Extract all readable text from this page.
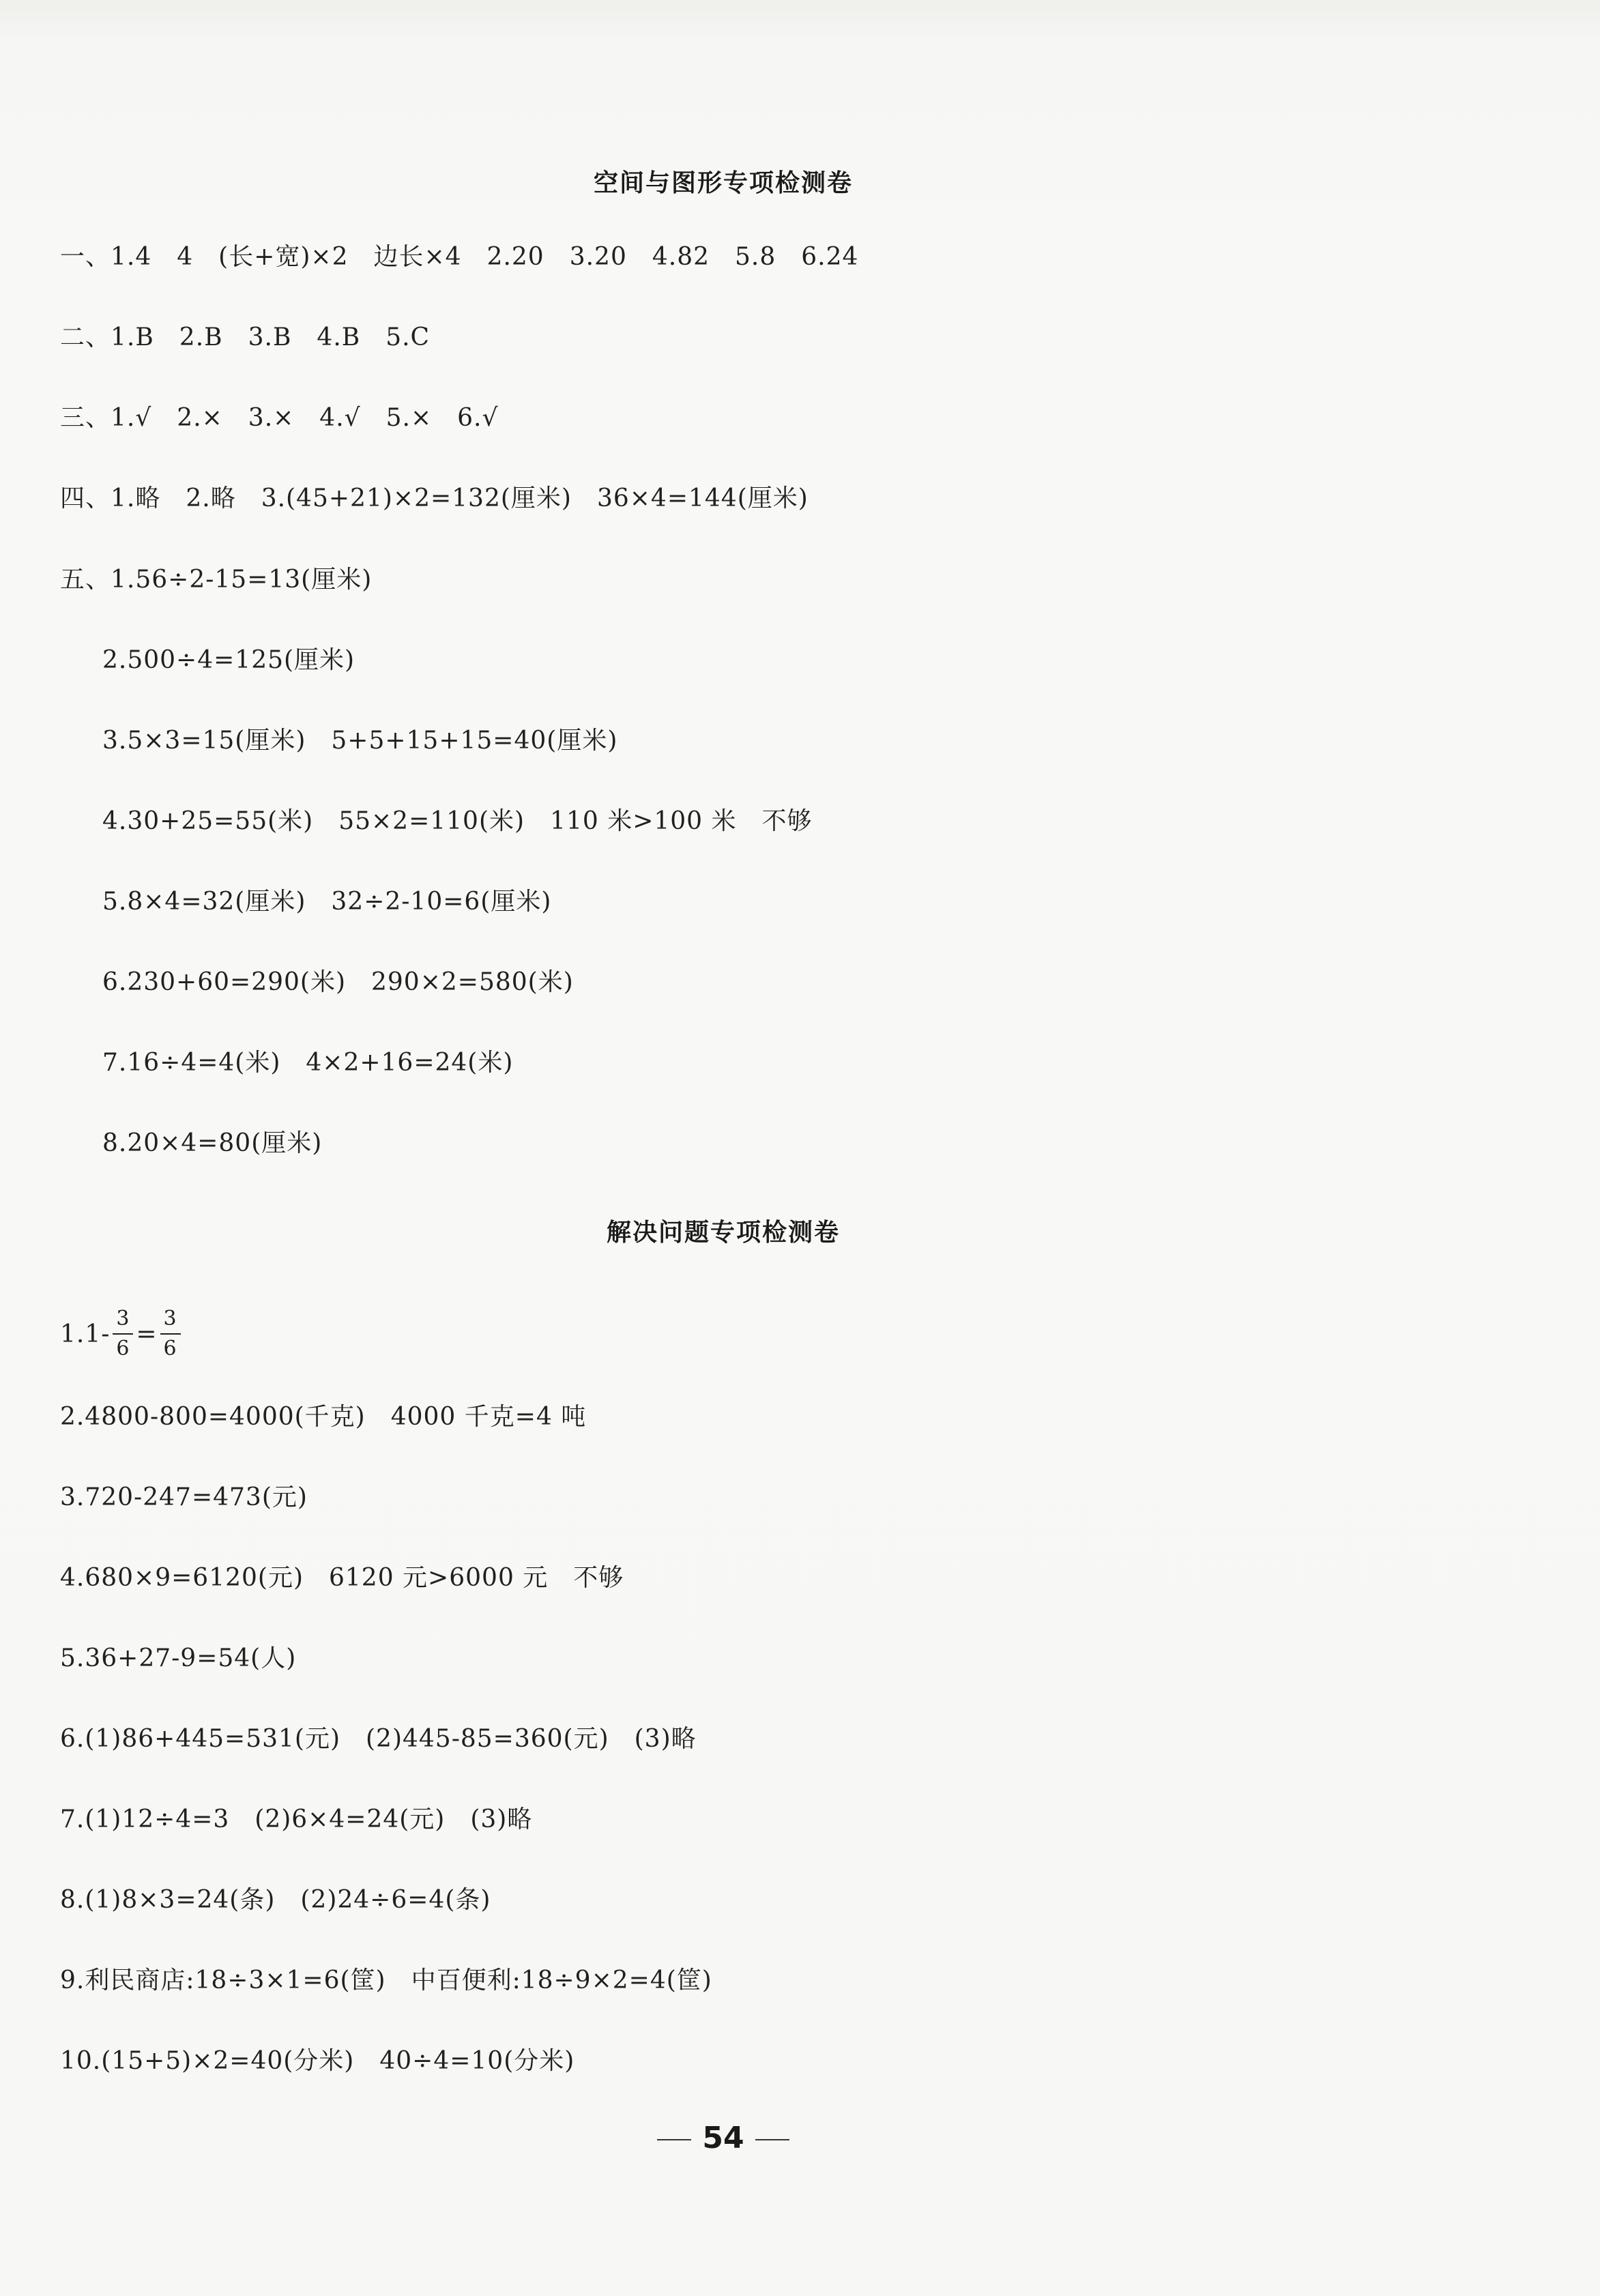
空间与图形专项检测卷
一、1.4　4　(长+宽)×2　边长×4　2.20　3.20　4.82　5.8　6.24
二、1.B　2.B　3.B　4.B　5.C
三、1.√　2.×　3.×　4.√　5.×　6.√
四、1.略　2.略　3.(45+21)×2=132(厘米)　36×4=144(厘米)
五、1.56÷2-15=13(厘米)
2.500÷4=125(厘米)
3.5×3=15(厘米)　5+5+15+15=40(厘米)
4.30+25=55(米)　55×2=110(米)　110 米>100 米　不够
5.8×4=32(厘米)　32÷2-10=6(厘米)
6.230+60=290(米)　290×2=580(米)
7.16÷4=4(米)　4×2+16=24(米)
8.20×4=80(厘米)
解决问题专项检测卷
$1.1- \frac{3}{6} = \frac{3}{6}$
2.4800-800=4000(千克)　4000 千克=4 吨
3.720-247=473(元)
4.680×9=6120(元)　6120 元>6000 元　不够
5.36+27-9=54(人)
6.(1)86+445=531(元)　(2)445-85=360(元)　(3)略
7.(1)12÷4=3　(2)6×4=24(元)　(3)略
8.(1)8×3=24(条)　(2)24÷6=4(条)
9.利民商店:18÷3×1=6(筐)　中百便利:18÷9×2=4(筐)
10.(15+5)×2=40(分米)　40÷4=10(分米)
54
